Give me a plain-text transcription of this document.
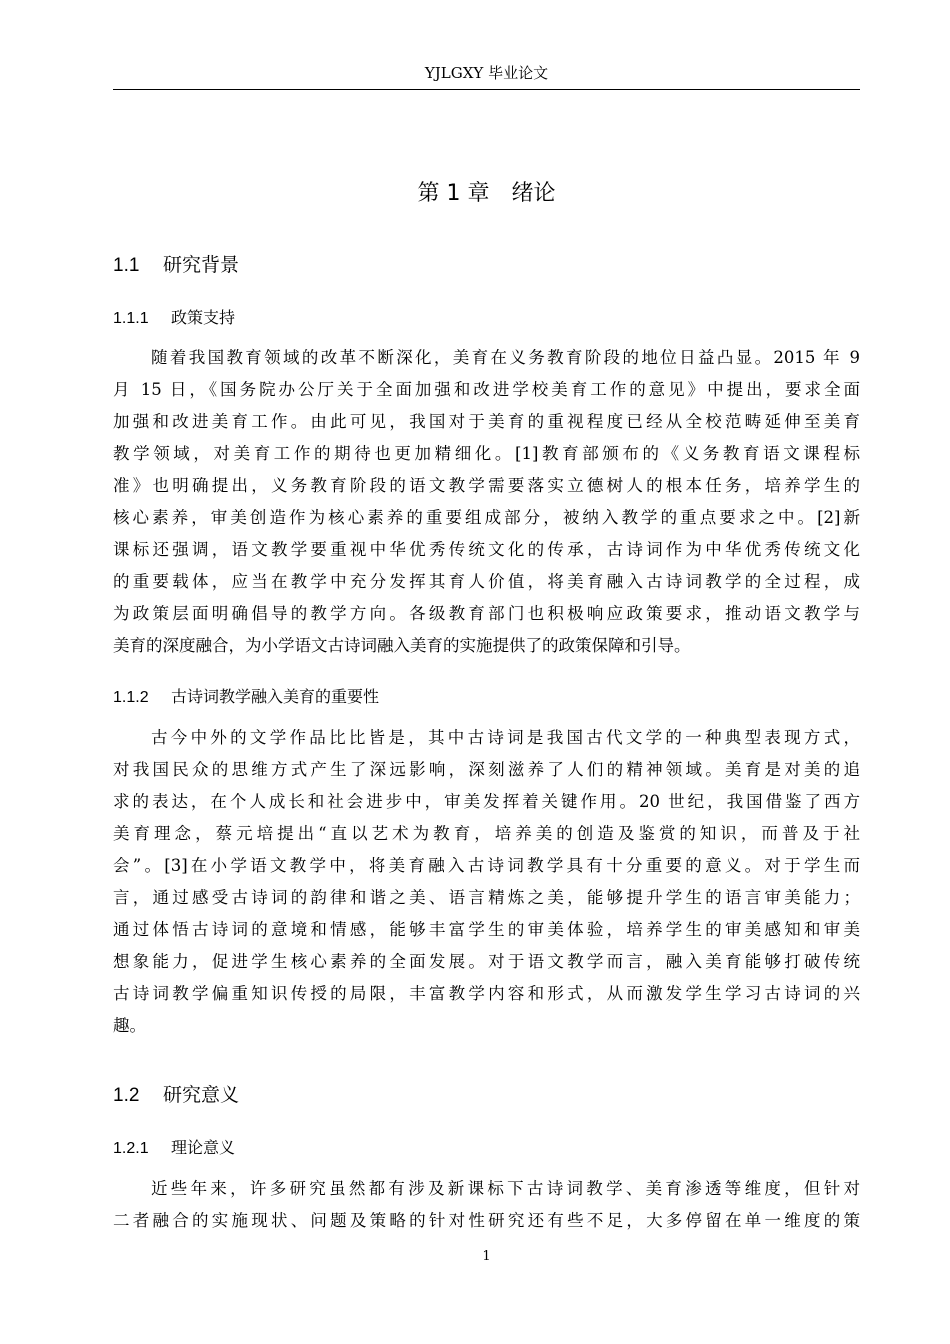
YJLGXY 毕业论文
第 1 章　绪论
1.1 研究背景
1.1.1 政策支持
随着我国教育领域的改革不断深化，美育在义务教育阶段的地位日益凸显。2015 年 9
月 15 日，《国务院办公厅关于全面加强和改进学校美育工作的意见》中提出，要求全面
加强和改进美育工作。由此可见，我国对于美育的重视程度已经从全校范畴延伸至美育
教学领域，对美育工作的期待也更加精细化。[1]教育部颁布的《义务教育语文课程标
准》也明确提出，义务教育阶段的语文教学需要落实立德树人的根本任务，培养学生的
核心素养，审美创造作为核心素养的重要组成部分，被纳入教学的重点要求之中。[2]新
课标还强调，语文教学要重视中华优秀传统文化的传承，古诗词作为中华优秀传统文化
的重要载体，应当在教学中充分发挥其育人价值，将美育融入古诗词教学的全过程，成
为政策层面明确倡导的教学方向。各级教育部门也积极响应政策要求，推动语文教学与
美育的深度融合，为小学语文古诗词融入美育的实施提供了的政策保障和引导。
1.1.2 古诗词教学融入美育的重要性
古今中外的文学作品比比皆是，其中古诗词是我国古代文学的一种典型表现方式，
对我国民众的思维方式产生了深远影响，深刻滋养了人们的精神领域。美育是对美的追
求的表达，在个人成长和社会进步中，审美发挥着关键作用。20 世纪，我国借鉴了西方
美育理念，蔡元培提出“直以艺术为教育，培养美的创造及鉴赏的知识，而普及于社
会”。[3]在小学语文教学中，将美育融入古诗词教学具有十分重要的意义。对于学生而
言，通过感受古诗词的韵律和谐之美、语言精炼之美，能够提升学生的语言审美能力；
通过体悟古诗词的意境和情感，能够丰富学生的审美体验，培养学生的审美感知和审美
想象能力，促进学生核心素养的全面发展。对于语文教学而言，融入美育能够打破传统
古诗词教学偏重知识传授的局限，丰富教学内容和形式，从而激发学生学习古诗词的兴
趣。
1.2 研究意义
1.2.1 理论意义
近些年来，许多研究虽然都有涉及新课标下古诗词教学、美育渗透等维度，但针对
二者融合的实施现状、问题及策略的针对性研究还有些不足，大多停留在单一维度的策
1
